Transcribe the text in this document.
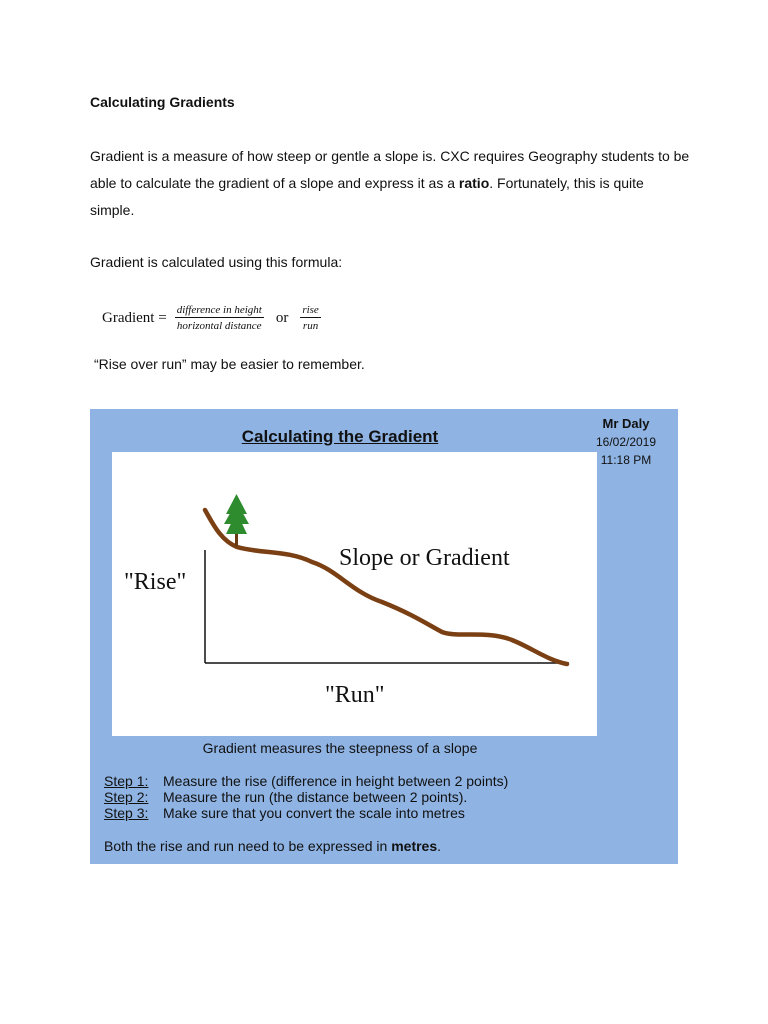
Calculating Gradients
Gradient is a measure of how steep or gentle a slope is. CXC requires Geography students to be able to calculate the gradient of a slope and express it as a ratio. Fortunately, this is quite simple.
Gradient is calculated using this formula:
Gradient = $\frac{\text{difference in height}}{\text{horizontal distance}}$ or $\frac{\text{rise}}{\text{run}}$
“Rise over run” may be easier to remember.
Calculating the Gradient
Mr Daly
16/02/2019
11:18 PM
"Rise"
"Run"
Slope or Gradient
Gradient measures the steepness of a slope
Step 1:	Measure the rise (difference in height between 2 points)
Step 2:	Measure the run (the distance between 2 points).
Step 3:	Make sure that you convert the scale into metres
Both the rise and run need to be expressed in metres.
